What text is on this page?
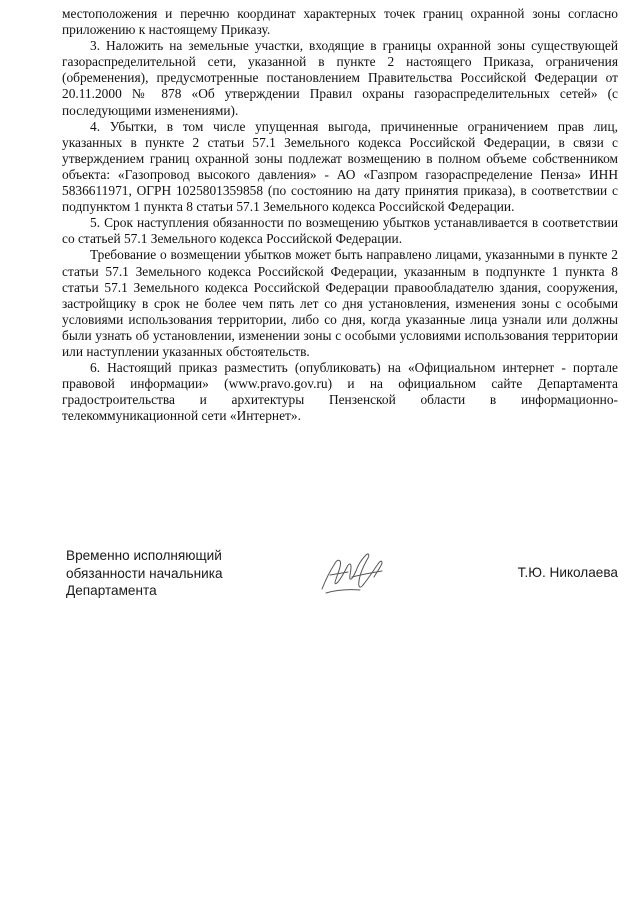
местоположения и перечню координат характерных точек границ охранной зоны согласно приложению к настоящему Приказу.

3. Наложить на земельные участки, входящие в границы охранной зоны существующей газораспределительной сети, указанной в пункте 2 настоящего Приказа, ограничения (обременения), предусмотренные постановлением Правительства Российской Федерации от 20.11.2000 № 878 «Об утверждении Правил охраны газораспределительных сетей» (с последующими изменениями).

4. Убытки, в том числе упущенная выгода, причиненные ограничением прав лиц, указанных в пункте 2 статьи 57.1 Земельного кодекса Российской Федерации, в связи с утверждением границ охранной зоны подлежат возмещению в полном объеме собственником объекта: «Газопровод высокого давления» - АО «Газпром газораспределение Пенза» ИНН 5836611971, ОГРН 1025801359858 (по состоянию на дату принятия приказа), в соответствии с подпунктом 1 пункта 8 статьи 57.1 Земельного кодекса Российской Федерации.

5. Срок наступления обязанности по возмещению убытков устанавливается в соответствии со статьей 57.1 Земельного кодекса Российской Федерации.

Требование о возмещении убытков может быть направлено лицами, указанными в пункте 2 статьи 57.1 Земельного кодекса Российской Федерации, указанным в подпункте 1 пункта 8 статьи 57.1 Земельного кодекса Российской Федерации правообладателю здания, сооружения, застройщику в срок не более чем пять лет со дня установления, изменения зоны с особыми условиями использования территории, либо со дня, когда указанные лица узнали или должны были узнать об установлении, изменении зоны с особыми условиями использования территории или наступлении указанных обстоятельств.

6. Настоящий приказ разместить (опубликовать) на «Официальном интернет - портале правовой информации» (www.pravo.gov.ru) и на официальном сайте Департамента градостроительства и архитектуры Пензенской области в информационно-телекоммуникационной сети «Интернет».

Временно исполняющий
обязанности начальника
Департамента
Т.Ю. Николаева
